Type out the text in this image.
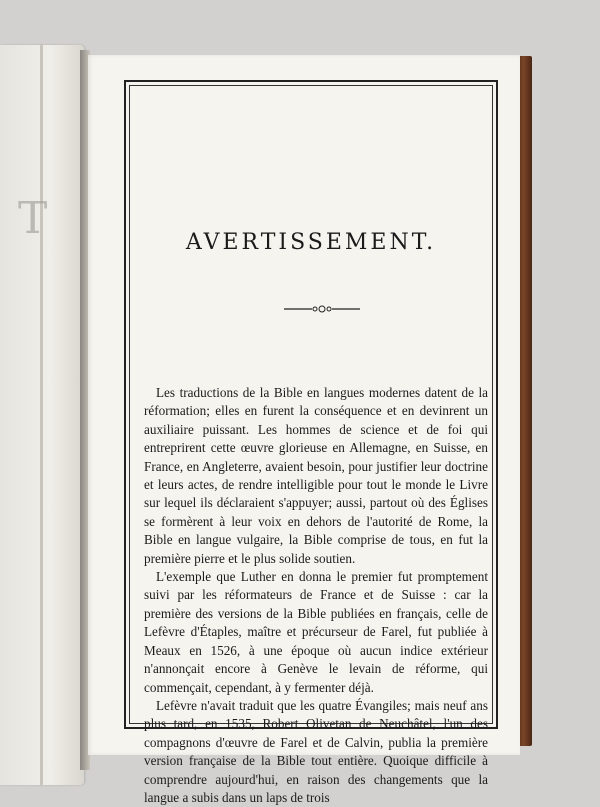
T	AVERTISSEMENT.

Les traductions de la Bible en langues modernes datent de la réformation; elles en furent la conséquence et en devinrent un auxiliaire puissant. Les hommes de science et de foi qui entreprirent cette œuvre glorieuse en Allemagne, en Suisse, en France, en Angleterre, avaient besoin, pour justifier leur doctrine et leurs actes, de rendre intelligible pour tout le monde le Livre sur lequel ils déclaraient s'appuyer; aussi, partout où des Églises se formèrent à leur voix en dehors de l'autorité de Rome, la Bible en langue vulgaire, la Bible comprise de tous, en fut la première pierre et le plus solide soutien.

L'exemple que Luther en donna le premier fut promptement suivi par les réformateurs de France et de Suisse : car la première des versions de la Bible publiées en français, celle de Lefèvre d'Étaples, maître et précurseur de Farel, fut publiée à Meaux en 1526, à une époque où aucun indice extérieur n'annonçait encore à Genève le levain de réforme, qui commençait, cependant, à y fermenter déjà.

Lefèvre n'avait traduit que les quatre Évangiles; mais neuf ans plus tard, en 1535, Robert Olivetan de Neuchâtel, l'un des compagnons d'œuvre de Farel et de Calvin, publia la première version française de la Bible tout entière. Quoique difficile à comprendre aujourd'hui, en raison des changements que la langue a subis dans un laps de trois
